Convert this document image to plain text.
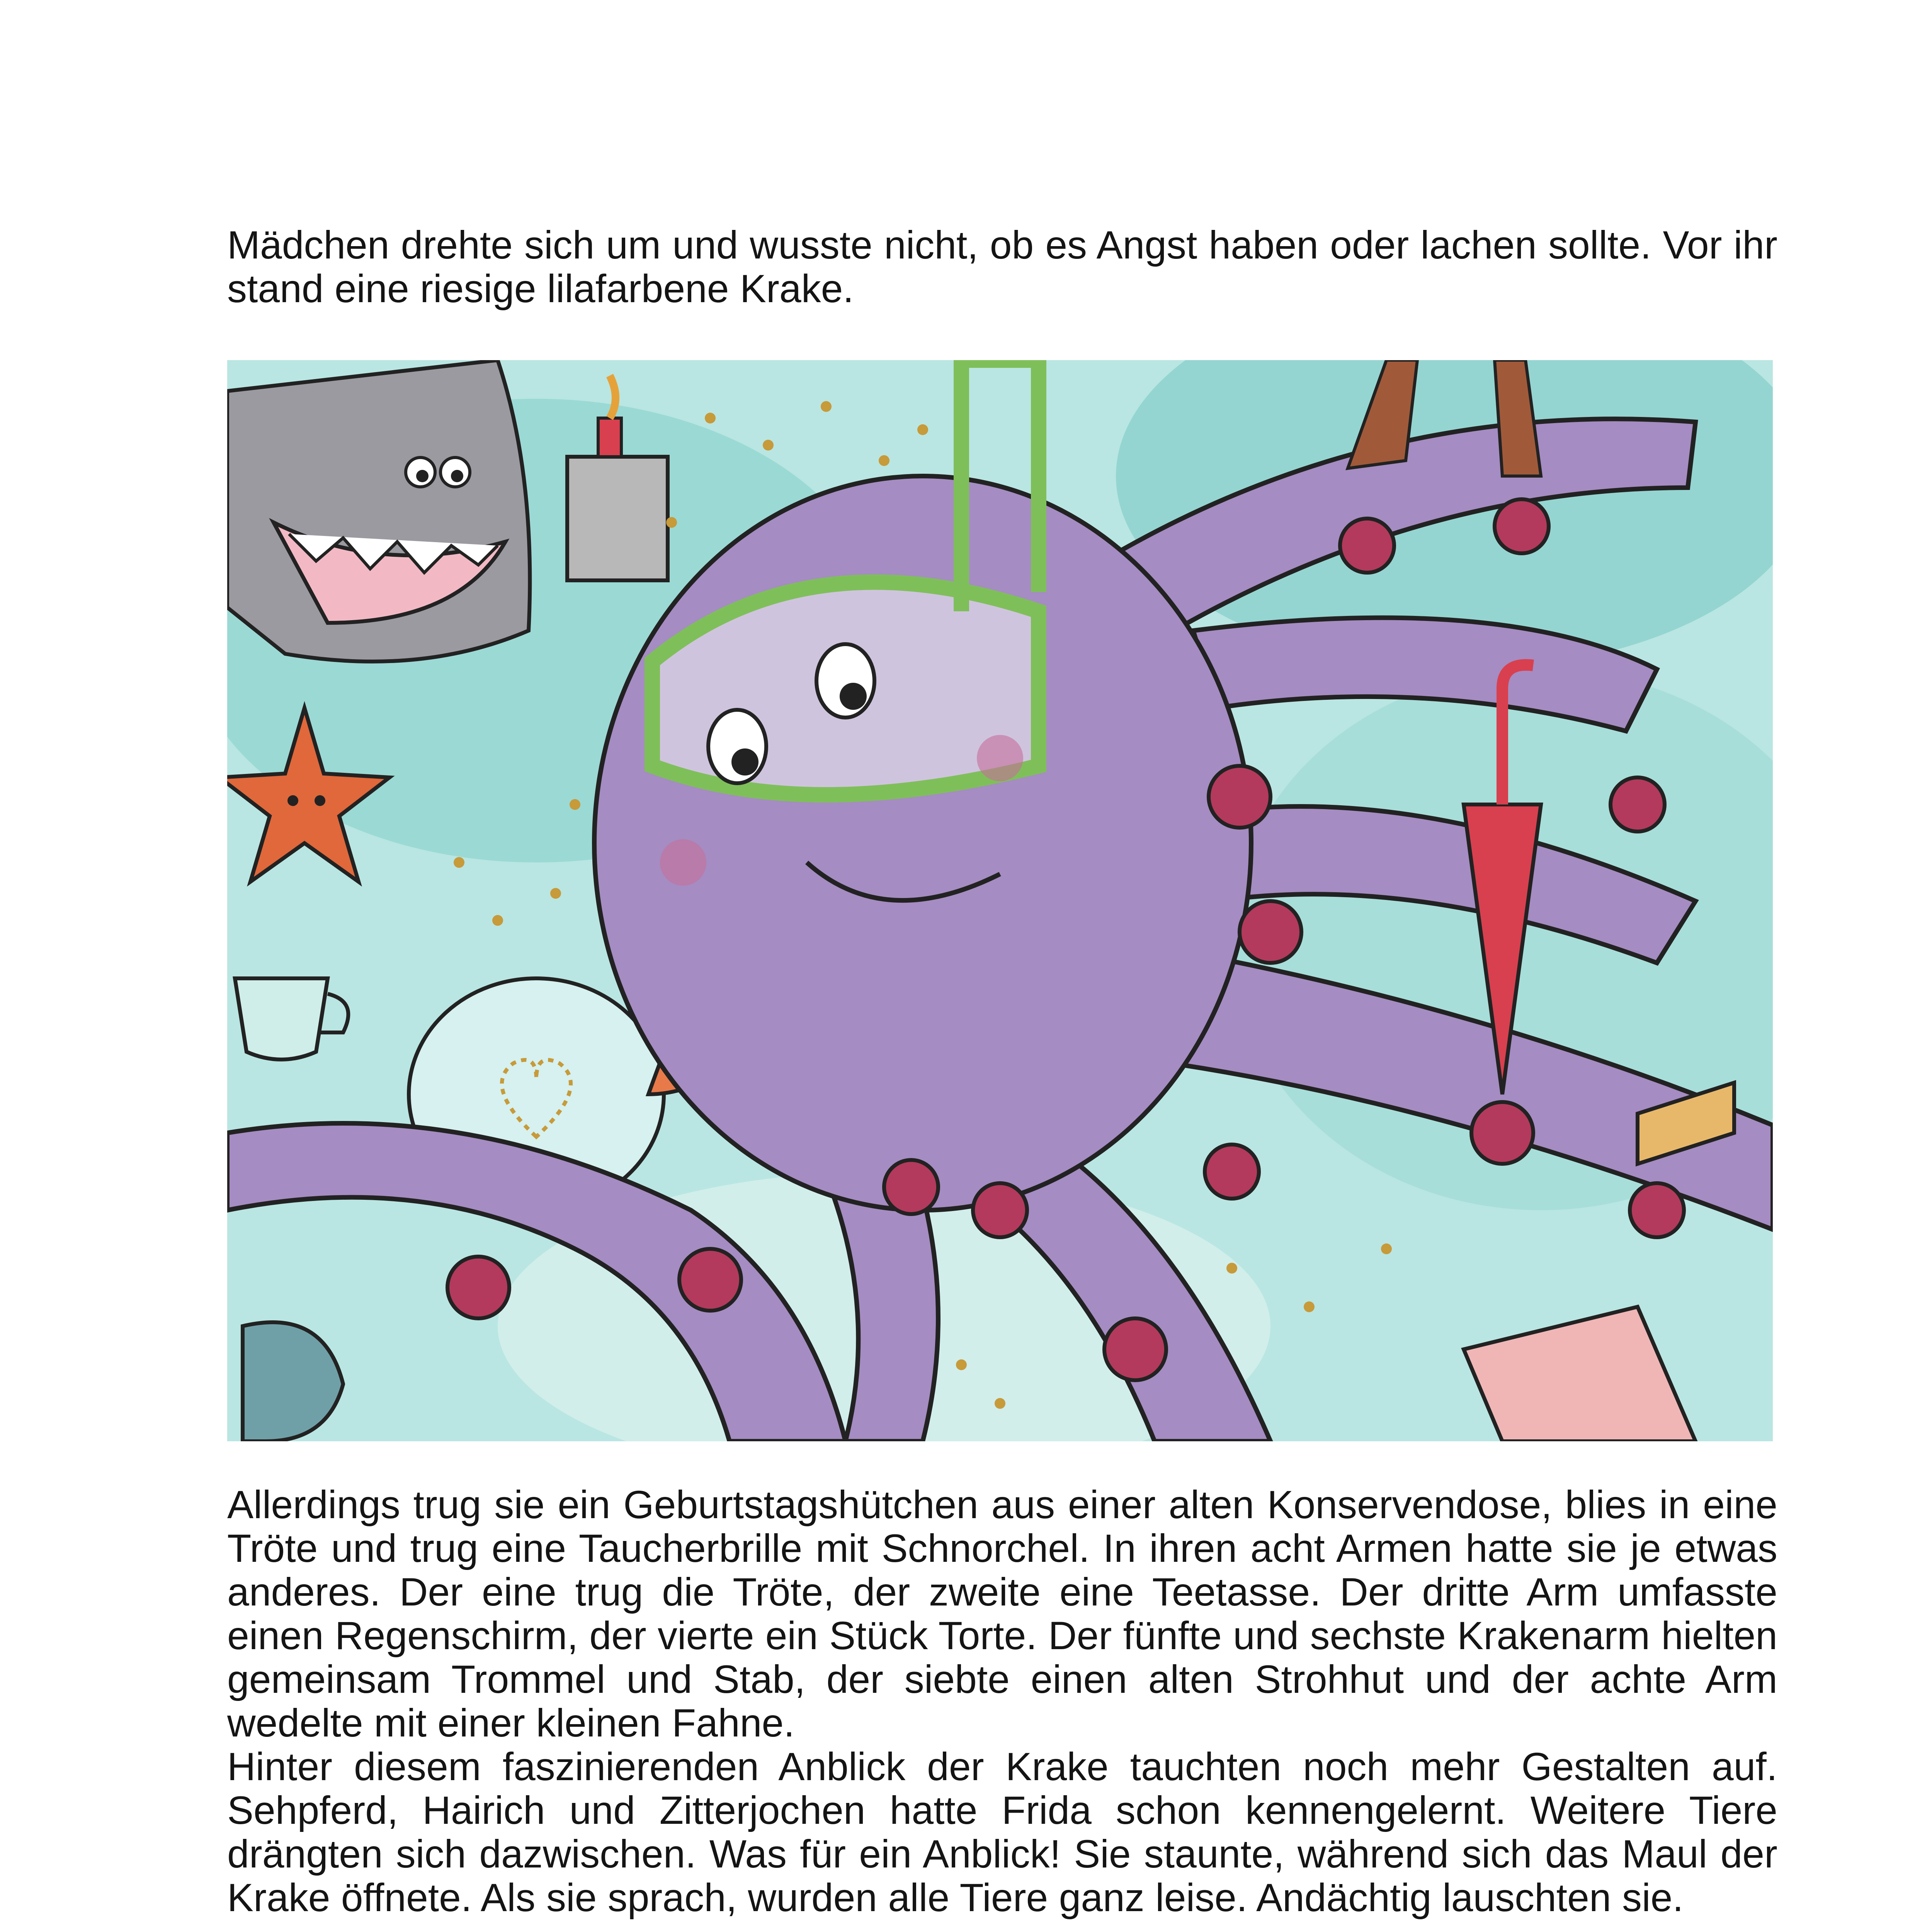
Mädchen drehte sich um und wusste nicht, ob es Angst haben oder lachen sollte. Vor ihr stand eine riesige lilafarbene Krake.

Allerdings trug sie ein Geburtstagshütchen aus einer alten Konservendose, blies in eine Tröte und trug eine Taucherbrille mit Schnorchel. In ihren acht Armen hatte sie je etwas anderes. Der eine trug die Tröte, der zweite eine Teetasse. Der dritte Arm umfasste einen Regenschirm, der vierte ein Stück Torte. Der fünfte und sechste Krakenarm hielten gemeinsam Trommel und Stab, der siebte einen alten Strohhut und der achte Arm wedelte mit einer kleinen Fahne.

Hinter diesem faszinierenden Anblick der Krake tauchten noch mehr Gestalten auf. Sehpferd, Hairich und Zitterjochen hatte Frida schon kennengelernt. Weitere Tiere drängten sich dazwischen. Was für ein Anblick! Sie staunte, während sich das Maul der Krake öffnete. Als sie sprach, wurden alle Tiere ganz leise. Andächtig lauschten sie.
